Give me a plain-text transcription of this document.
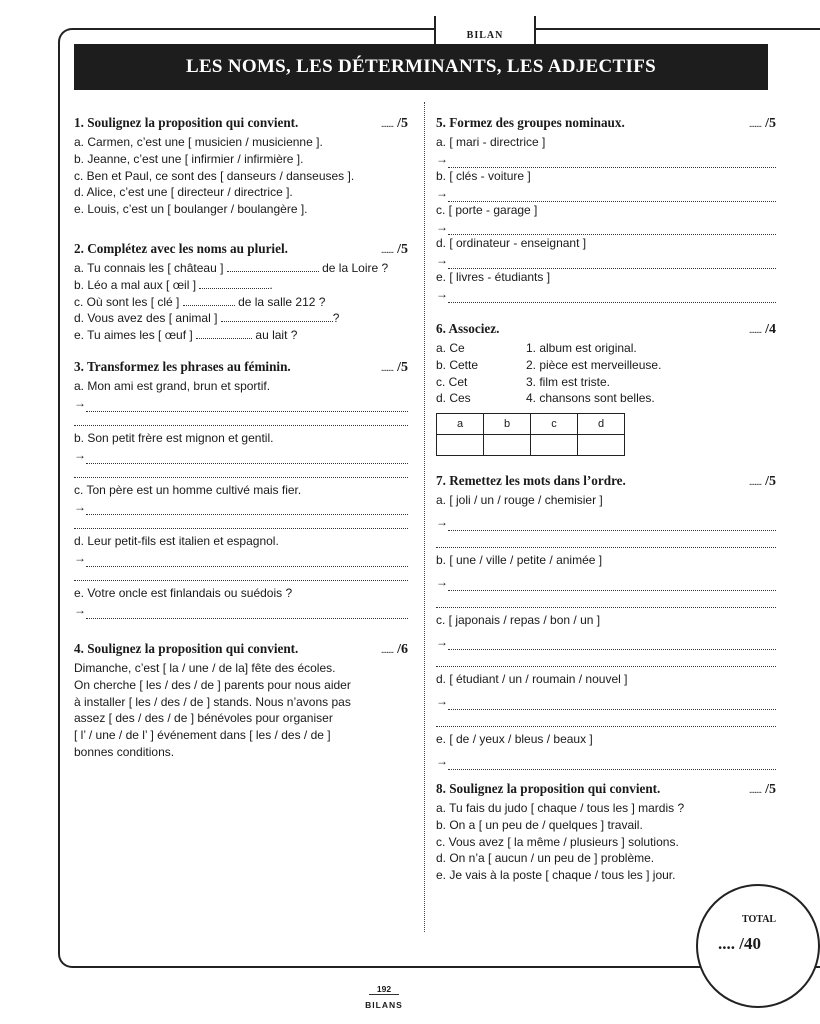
BILAN
LES NOMS, LES DÉTERMINANTS, LES ADJECTIFS
1. Soulignez la proposition qui convient.	....... /5
a. Carmen, c’est une [ musicien / musicienne ].
b. Jeanne, c’est une [ infirmier / infirmière ].
c. Ben et Paul, ce sont des [ danseurs / danseuses ].
d. Alice, c’est une [ directeur / directrice ].
e. Louis, c’est un [ boulanger / boulangère ].
2. Complétez avec les noms au pluriel.	....... /5
a. Tu connais les [ château ]	de la Loire ?
b. Léo a mal aux [ œil ]	.
c. Où sont les [ clé ]	de la salle 212 ?
d. Vous avez des [ animal ]	?
e. Tu aimes les [ œuf ]	au lait ?
3. Transformez les phrases au féminin.	....... /5
a. Mon ami est grand, brun et sportif.
→
b. Son petit frère est mignon et gentil.
→
c. Ton père est un homme cultivé mais fier.
→
d. Leur petit-fils est italien et espagnol.
→
e. Votre oncle est finlandais ou suédois ?
→
4. Soulignez la proposition qui convient.	....... /6
Dimanche, c’est [ la / une / de la] fête des écoles.
On cherche [ les / des / de ] parents pour nous aider
à installer [ les / des / de ] stands. Nous n’avons pas
assez [ des / des / de ] bénévoles pour organiser
[ l’ / une / de l’ ] événement dans [ les / des / de ]
bonnes conditions.
5. Formez des groupes nominaux.	....... /5
a. [ mari - directrice ]
→
b. [ clés - voiture ]
→
c. [ porte - garage ]
→
d. [ ordinateur - enseignant ]
→
e. [ livres - étudiants ]
→
6. Associez.	....... /4
a. Ce	1. album est original.
b. Cette	2. pièce est merveilleuse.
c. Cet	3. film est triste.
d. Ces	4. chansons sont belles.
a	b	c	d

7. Remettez les mots dans l’ordre.	....... /5
a. [ joli / un / rouge / chemisier ]
→
b. [ une / ville / petite / animée ]
→
c. [ japonais / repas / bon / un ]
→
d. [ étudiant / un / roumain / nouvel ]
→
e. [ de / yeux / bleus / beaux ]
→
8. Soulignez la proposition qui convient.	....... /5
a. Tu fais du judo [ chaque / tous les ] mardis ?
b. On a [ un peu de / quelques ] travail.
c. Vous avez [ la même / plusieurs ] solutions.
d. On n’a [ aucun / un peu de ] problème.
e. Je vais à la poste [ chaque / tous les ] jour.
TOTAL
.... /40
192
BILANS
